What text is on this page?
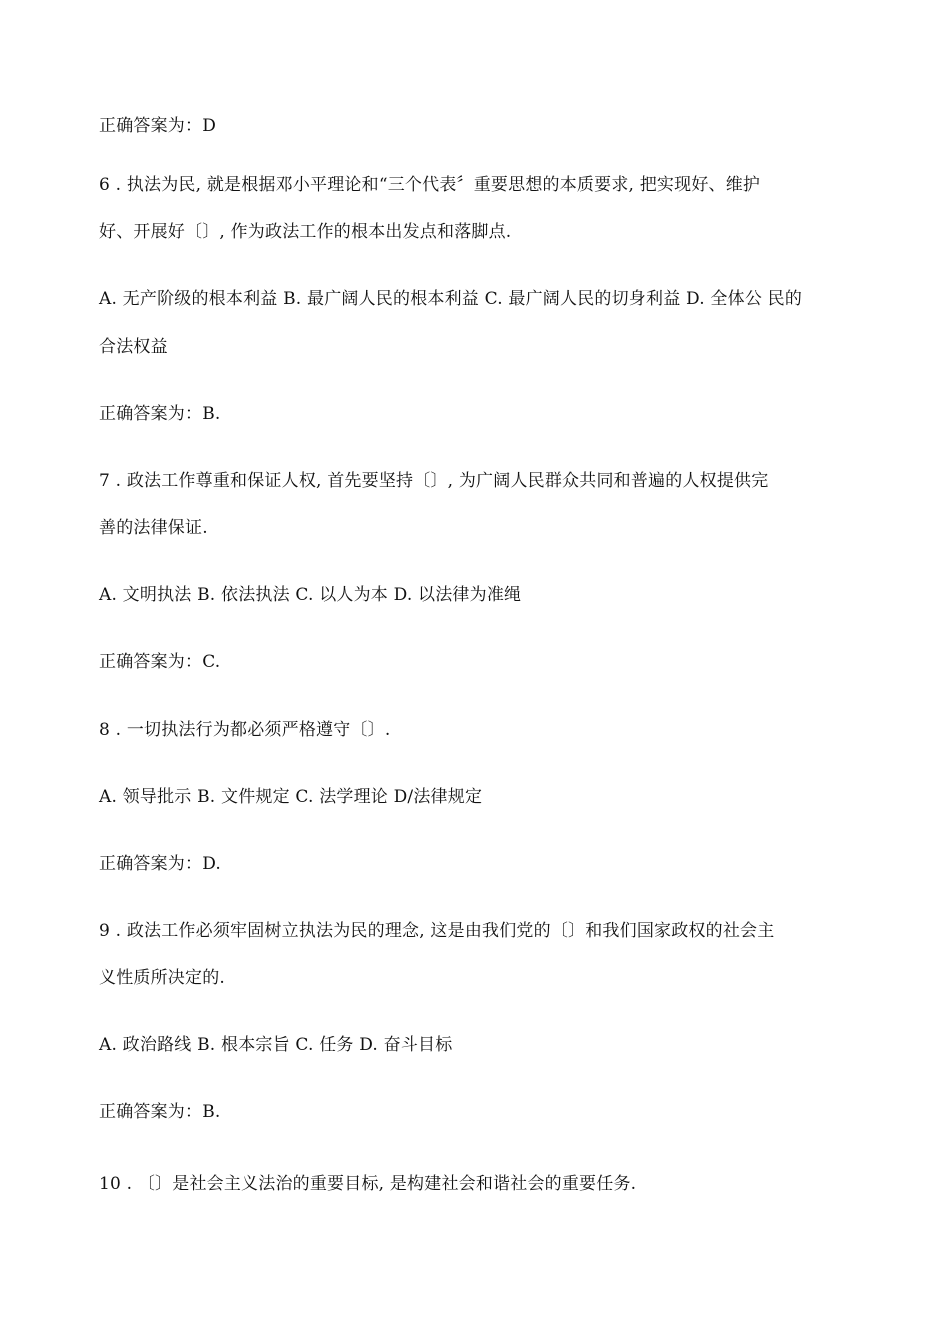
正确答案为：D
6 . 执法为民, 就是根据邓小平理论和“三个代表〞重要思想的本质要求, 把实现好、维护
好、开展好〔〕, 作为政法工作的根本出发点和落脚点.
A. 无产阶级的根本利益 B. 最广阔人民的根本利益 C. 最广阔人民的切身利益 D. 全体公 民的
合法权益
正确答案为：B.
7 . 政法工作尊重和保证人权, 首先要坚持〔〕, 为广阔人民群众共同和普遍的人权提供完
善的法律保证.
A. 文明执法 B. 依法执法 C. 以人为本 D. 以法律为准绳
正确答案为：C.
8 . 一切执法行为都必须严格遵守〔〕.
A. 领导批示 B. 文件规定 C. 法学理论 D/法律规定
正确答案为：D.
9 . 政法工作必须牢固树立执法为民的理念, 这是由我们党的〔〕和我们国家政权的社会主
义性质所决定的.
A. 政治路线 B. 根本宗旨 C. 任务 D. 奋斗目标
正确答案为：B.
10 . 〔〕是社会主义法治的重要目标, 是构建社会和谐社会的重要任务.
